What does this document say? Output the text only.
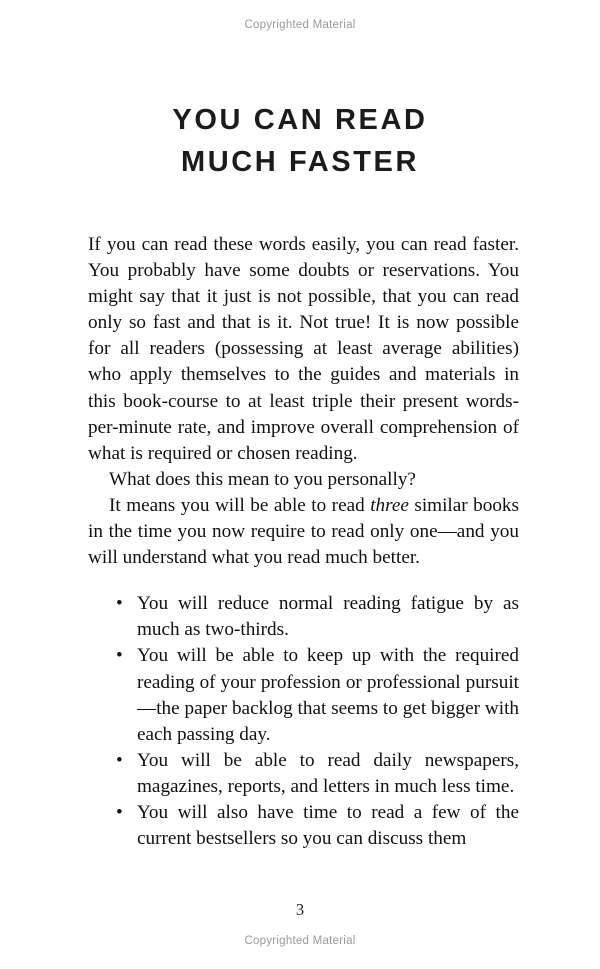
Copyrighted Material
YOU CAN READ
MUCH FASTER

If you can read these words easily, you can read faster. You probably have some doubts or reservations. You might say that it just is not possible, that you can read only so fast and that is it. Not true! It is now possible for all readers (possessing at least average abilities) who apply themselves to the guides and materials in this book-course to at least triple their present words-per-minute rate, and improve overall comprehension of what is required or chosen reading.

What does this mean to you personally?

It means you will be able to read three similar books in the time you now require to read only one—and you will understand what you read much better.

• You will reduce normal reading fatigue by as much as two-thirds.
• You will be able to keep up with the required reading of your profession or professional pursuit—the paper backlog that seems to get bigger with each passing day.
• You will be able to read daily newspapers, magazines, reports, and letters in much less time.
• You will also have time to read a few of the current bestsellers so you can discuss them
3
Copyrighted Material
